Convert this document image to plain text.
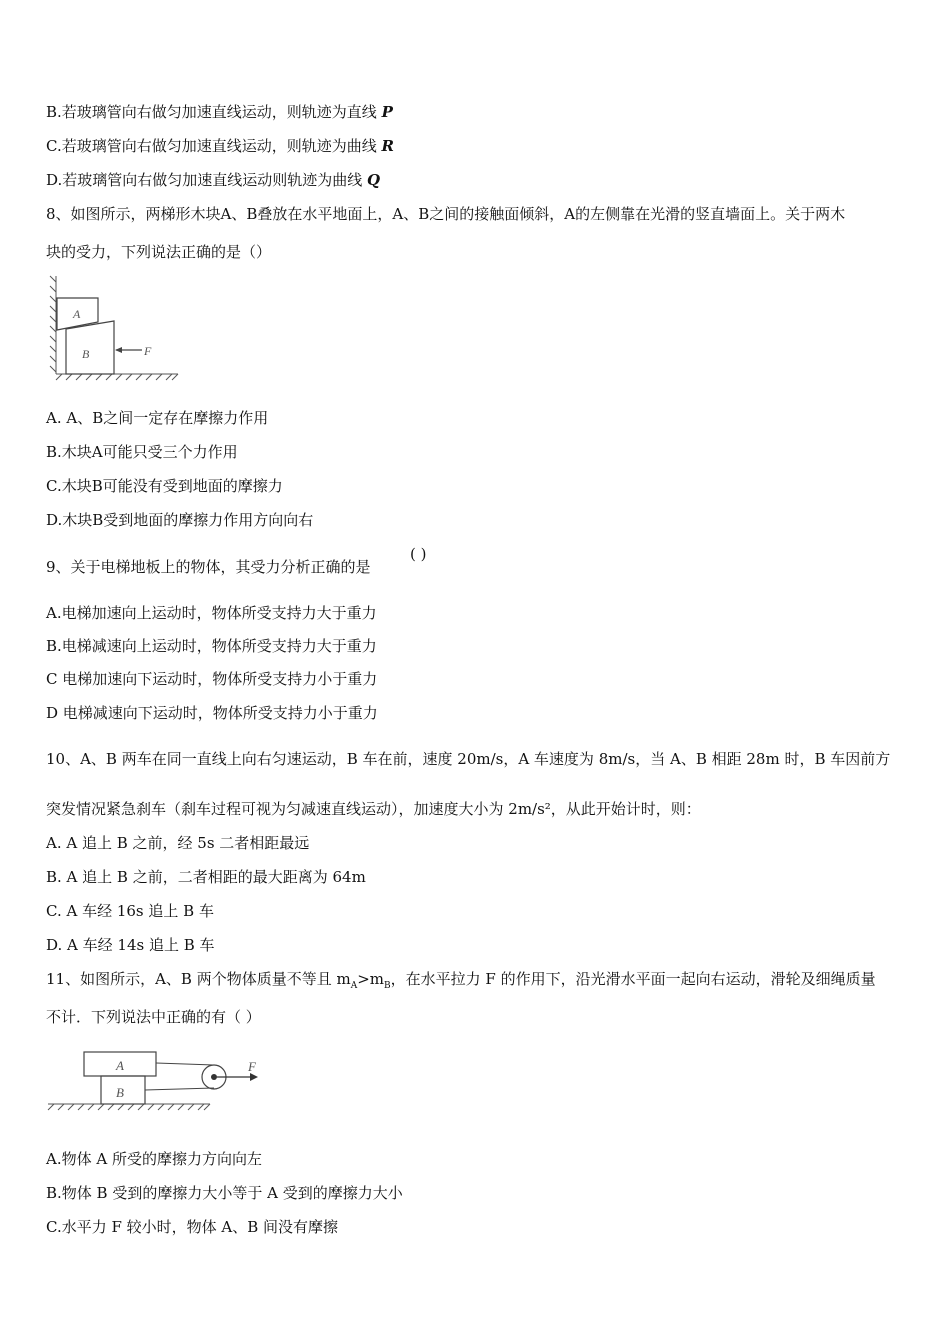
B.若玻璃管向右做匀加速直线运动，则轨迹为直线 P
C.若玻璃管向右做匀加速直线运动，则轨迹为曲线 R
D.若玻璃管向右做匀加速直线运动则轨迹为曲线 Q
8、如图所示，两梯形木块A、B叠放在水平地面上，A、B之间的接触面倾斜，A的左侧靠在光滑的竖直墙面上。关于两木
块的受力，下列说法正确的是（）
A
B	F
A. A、B之间一定存在摩擦力作用
B.木块A可能只受三个力作用
C.木块B可能没有受到地面的摩擦力
D.木块B受到地面的摩擦力作用方向向右
9、关于电梯地板上的物体，其受力分析正确的是
( )
A.电梯加速向上运动时，物体所受支持力大于重力
B.电梯减速向上运动时，物体所受支持力大于重力
C 电梯加速向下运动时，物体所受支持力小于重力
D 电梯减速向下运动时，物体所受支持力小于重力
10、A、B 两车在同一直线上向右匀速运动，B 车在前，速度 20m/s，A 车速度为 8m/s，当 A、B 相距 28m 时，B 车因前方
突发情况紧急刹车（刹车过程可视为匀减速直线运动），加速度大小为 2m/s²，从此开始计时，则：
A. A 追上 B 之前，经 5s 二者相距最远
B. A 追上 B 之前，二者相距的最大距离为 64m
C. A 车经 16s 追上 B 车
D. A 车经 14s 追上 B 车
11、如图所示，A、B 两个物体质量不等且 $m_A>m_B$，在水平拉力 F 的作用下，沿光滑水平面一起向右运动，滑轮及细绳质量
不计．下列说法中正确的有（ ）
A
B
F
A.物体 A 所受的摩擦力方向向左
B.物体 B 受到的摩擦力大小等于 A 受到的摩擦力大小
C.水平力 F 较小时，物体 A、B 间没有摩擦
